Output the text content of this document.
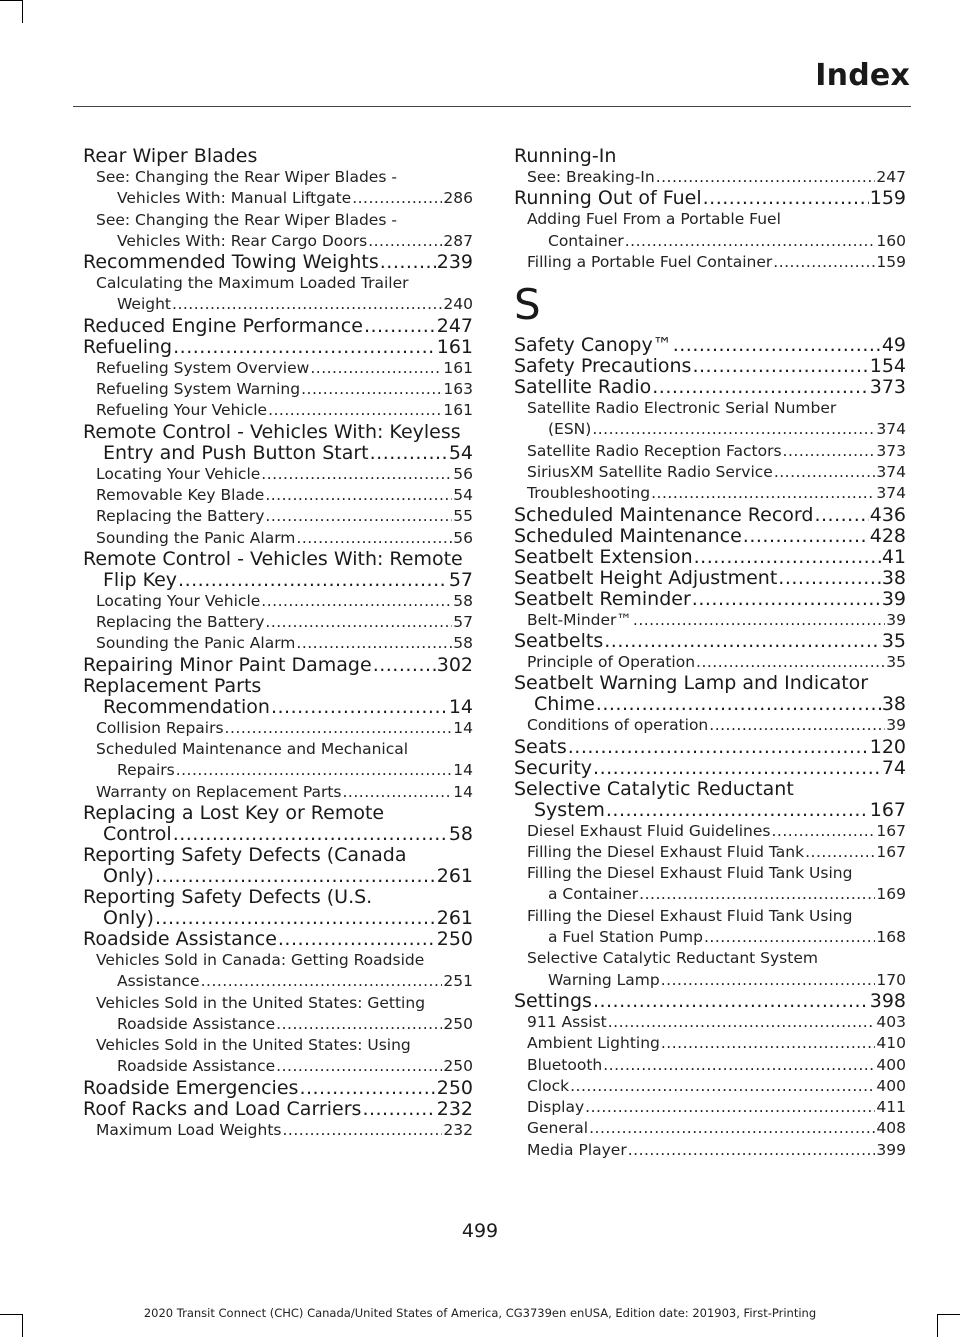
Index
Rear Wiper Blades
See: Changing the Rear Wiper Blades -
Vehicles With: Manual Liftgate .....	286
See: Changing the Rear Wiper Blades -
Vehicles With: Rear Cargo Doors .....	287
Recommended Towing Weights .....	239
Calculating the Maximum Loaded Trailer
Weight .....	240
Reduced Engine Performance .....	247
Refueling .....	161
Refueling System Overview .....	161
Refueling System Warning .....	163
Refueling Your Vehicle .....	161
Remote Control - Vehicles With: Keyless
Entry and Push Button Start .....	54
Locating Your Vehicle .....	56
Removable Key Blade .....	54
Replacing the Battery .....	55
Sounding the Panic Alarm .....	56
Remote Control - Vehicles With: Remote
Flip Key .....	57
Locating Your Vehicle .....	58
Replacing the Battery .....	57
Sounding the Panic Alarm .....	58
Repairing Minor Paint Damage .....	302
Replacement Parts
Recommendation .....	14
Collision Repairs .....	14
Scheduled Maintenance and Mechanical
Repairs .....	14
Warranty on Replacement Parts .....	14
Replacing a Lost Key or Remote
Control .....	58
Reporting Safety Defects (Canada
Only) .....	261
Reporting Safety Defects (U.S.
Only) .....	261
Roadside Assistance .....	250
Vehicles Sold in Canada: Getting Roadside
Assistance .....	251
Vehicles Sold in the United States: Getting
Roadside Assistance .....	250
Vehicles Sold in the United States: Using
Roadside Assistance .....	250
Roadside Emergencies .....	250
Roof Racks and Load Carriers .....	232
Maximum Load Weights .....	232
Running-In
See: Breaking-In .....	247
Running Out of Fuel .....	159
Adding Fuel From a Portable Fuel
Container .....	160
Filling a Portable Fuel Container .....	159
S
Safety Canopy™ .....	49
Safety Precautions .....	154
Satellite Radio .....	373
Satellite Radio Electronic Serial Number
(ESN) .....	374
Satellite Radio Reception Factors .....	373
SiriusXM Satellite Radio Service .....	374
Troubleshooting .....	374
Scheduled Maintenance Record .....	436
Scheduled Maintenance .....	428
Seatbelt Extension .....	41
Seatbelt Height Adjustment .....	38
Seatbelt Reminder .....	39
Belt-Minder™ .....	39
Seatbelts .....	35
Principle of Operation .....	35
Seatbelt Warning Lamp and Indicator
Chime .....	38
Conditions of operation .....	39
Seats .....	120
Security .....	74
Selective Catalytic Reductant
System .....	167
Diesel Exhaust Fluid Guidelines .....	167
Filling the Diesel Exhaust Fluid Tank .....	167
Filling the Diesel Exhaust Fluid Tank Using
a Container .....	169
Filling the Diesel Exhaust Fluid Tank Using
a Fuel Station Pump .....	168
Selective Catalytic Reductant System
Warning Lamp .....	170
Settings .....	398
911 Assist .....	403
Ambient Lighting .....	410
Bluetooth .....	400
Clock .....	400
Display .....	411
General .....	408
Media Player .....	399
499
2020 Transit Connect (CHC) Canada/United States of America, CG3739en enUSA, Edition date: 201903, First-Printing
